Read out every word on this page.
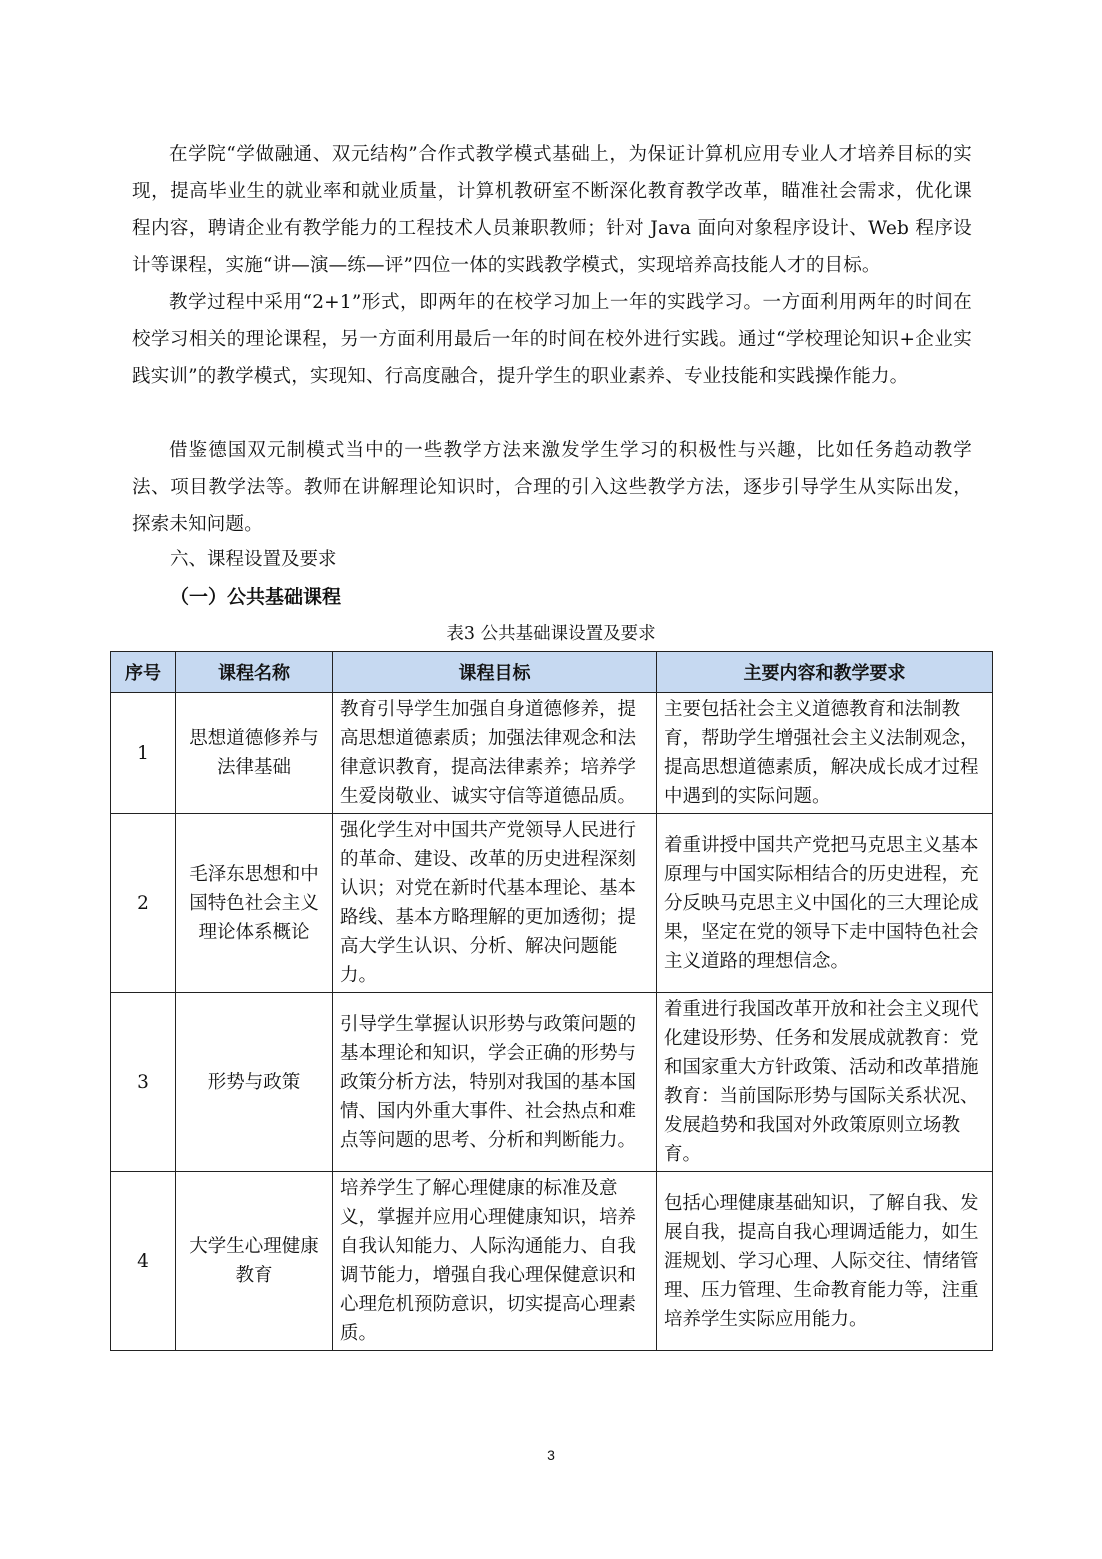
在学院“学做融通、双元结构”合作式教学模式基础上，为保证计算机应用专业人才培养目标的实现，提高毕业生的就业率和就业质量，计算机教研室不断深化教育教学改革，瞄准社会需求，优化课程内容，聘请企业有教学能力的工程技术人员兼职教师；针对 Java 面向对象程序设计、Web 程序设计等课程，实施“讲—演—练—评”四位一体的实践教学模式，实现培养高技能人才的目标。

教学过程中采用“2+1”形式，即两年的在校学习加上一年的实践学习。一方面利用两年的时间在校学习相关的理论课程，另一方面利用最后一年的时间在校外进行实践。通过“学校理论知识+企业实践实训”的教学模式，实现知、行高度融合，提升学生的职业素养、专业技能和实践操作能力。

借鉴德国双元制模式当中的一些教学方法来激发学生学习的积极性与兴趣，比如任务趋动教学法、项目教学法等。教师在讲解理论知识时，合理的引入这些教学方法，逐步引导学生从实际出发，探索未知问题。

六、课程设置及要求
（一）公共基础课程
表3 公共基础课设置及要求
序号	课程名称	课程目标	主要内容和教学要求
1	思想道德修养与法律基础	教育引导学生加强自身道德修养，提高思想道德素质；加强法律观念和法律意识教育，提高法律素养；培养学生爱岗敬业、诚实守信等道德品质。	主要包括社会主义道德教育和法制教育，帮助学生增强社会主义法制观念，提高思想道德素质，解决成长成才过程中遇到的实际问题。
2	毛泽东思想和中国特色社会主义理论体系概论	强化学生对中国共产党领导人民进行的革命、建设、改革的历史进程深刻认识；对党在新时代基本理论、基本路线、基本方略理解的更加透彻；提高大学生认识、分析、解决问题能力。	着重讲授中国共产党把马克思主义基本原理与中国实际相结合的历史进程，充分反映马克思主义中国化的三大理论成果，坚定在党的领导下走中国特色社会主义道路的理想信念。
3	形势与政策	引导学生掌握认识形势与政策问题的基本理论和知识，学会正确的形势与政策分析方法，特别对我国的基本国情、国内外重大事件、社会热点和难点等问题的思考、分析和判断能力。	着重进行我国改革开放和社会主义现代化建设形势、任务和发展成就教育：党和国家重大方针政策、活动和改革措施教育：当前国际形势与国际关系状况、发展趋势和我国对外政策原则立场教育。
4	大学生心理健康教育	培养学生了解心理健康的标准及意义，掌握并应用心理健康知识，培养自我认知能力、人际沟通能力、自我调节能力，增强自我心理保健意识和心理危机预防意识，切实提高心理素质。	包括心理健康基础知识，了解自我、发展自我，提高自我心理调适能力，如生涯规划、学习心理、人际交往、情绪管理、压力管理、生命教育能力等，注重培养学生实际应用能力。
3
